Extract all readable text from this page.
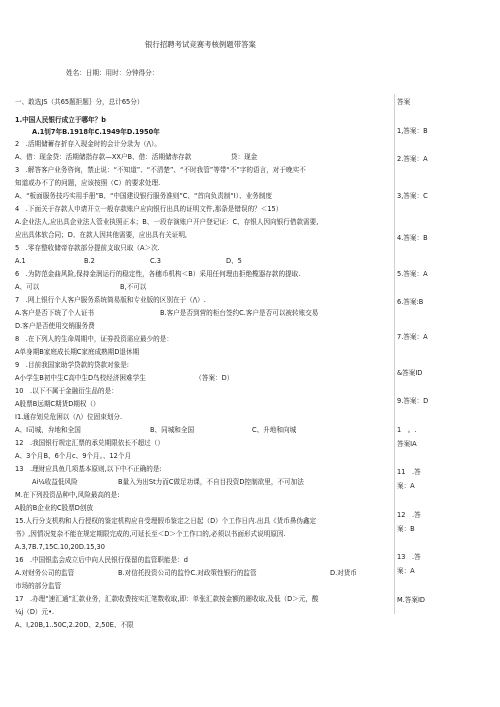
银行招聘考试竞赛考核例题带答案
姓名：日期：用时：分钟得分：
一、敢选JS（共65题拒题｝分，总计65分）	答案
1.中国人民银行成立于哪年？b
A.1钊7年B.1918年C.1949年D.1950年
2　.活期储蓄存折存入现金时的会计分录为（/\）。
A、借：现金贷：活期储指存款—XX户B、借：活期储赤存款　　　　　　贷：现金
3　.解答客户业务咨询，禁止说：“不知道”、“不清楚”、“不时我管”等带“不”字的语言，对于晚实不
知道或办不了的问题，应该按照（C）的要求处理.
A、“板面服务技巧实用手册”B、“中国建设银行服务准则”C、“首向负责制“I）、业务制度
4　.下面关于存款人申请开立一般存款账户应向银行出具的证明文件,那条是错误的？＜15）
A.企业法人,应出具企业法人管业执照正本；B、一段存演账户开户登记证：C、存银人因向银行借款需要,
应出具体软合同；D、在款人因其他需要，应出具有关证明,
5　.零存整收储帝存款部分提前支取只取（A＞次.
A.1	B.2	C.3	D、5
6　.为防范金曲风险,保持金润运行的稳定性，各穗币机构＜B）采用任何理由拒绝榄器存款的提取.
A、可以	B,不可以
7　.网上银行个人客户服务系统简易版和专业版的区别在于（/\）.
A.客户是否下统了个人证书	B.客户是否到营的柜台签约C.客户是否可以被转账交易
D.客户是否使用交销服务费
8　.在下列人的生命周期中，证券投资需应最少的是：
A单身期B家庭成长期C家庭成熟期D退休期
9　.目前我国家助学贷款的贷款对象是:
A小学生B初中生C高中生D鸟校经济困难学生　　　　　　　　（答案：D）
10　.以下不属于金融衍生品的是：
A股票B远期C期货D期权（）
I1.通存划兑危困以（/\）位固束划分.
A、I司城，弁地和全国	B、同城和全国	C、升地和向城
12　.我国银行规定汇票的承兑期限依长不超过（）
A、3个月B、6个月c、9个月。、12个月
13　.理财应具鱼几项基本原则,以下中不正确的是:
Ai¼收益低风险	B量入为出St力而C做足功课，不自目投资D控制欲里，不可加法
M.在下列投资品种中,风险最高的是:
A股的B企业的C股票D创放
15.人行分支机构和人行授权的鉴定机构应自受理假币鉴定之日起（D）个工作日内.出具《货币鼻伪鑫定
书》,因情况复杂不能在规定期限完成的,可延长至＜D＞个工作口的,必须以书面形式说明原因.
A.3,7B.7,15C.10,20D.15,30
16　.中国银监会成立后中向人民银行保留的监管职能是：d
A.对财务公司的监管	B.对信托投资公司的监怜C.对政策性银行的监管	D.对货币
市场的部分监管
17　.办理“速汇通”汇款业务，汇款收费按实汇笔数收取,即：单张汇款按金额的逦收取,及低（D＞元，酸
¼j（D）元•.
A、I,20B,1..50C,2.20D、2,50E、不限
1,答案：B
2.答案：A
3,答案：C
4.答案：B
5.答案：A
6.答案:B
7.答案：A
&答案ID
9.答案：D
1　。.
答案IA
11　.答
案：A
12　.答
案：B
13　.答
案：A
M.答案ID
